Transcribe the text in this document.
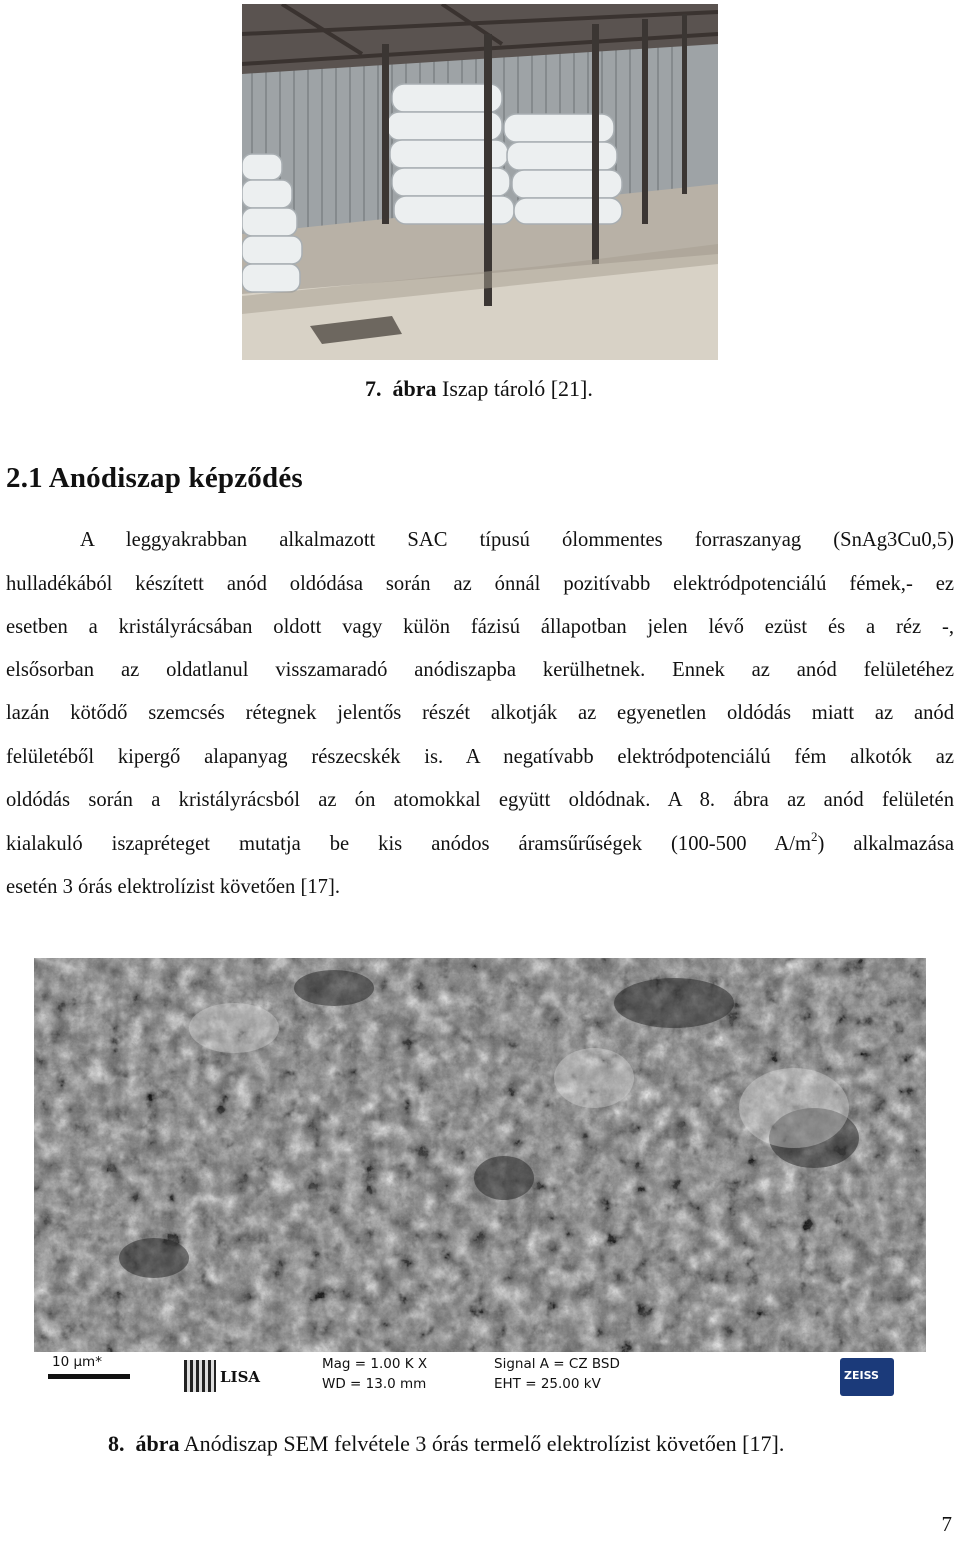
7. ábra Iszap tároló [21].
2.1 Anódiszap képződés
A leggyakrabban alkalmazott SAC típusú ólommentes forraszanyag (SnAg3Cu0,5)
hulladékából készített anód oldódása során az ónnál pozitívabb elektródpotenciálú fémek,- ez
esetben a kristályrácsában oldott vagy külön fázisú állapotban jelen lévő ezüst és a réz -,
elsősorban az oldatlanul visszamaradó anódiszapba kerülhetnek. Ennek az anód felületéhez
lazán kötődő szemcsés rétegnek jelentős részét alkotják az egyenetlen oldódás miatt az anód
felületéből kipergő alapanyag részecskék is. A negatívabb elektródpotenciálú fém alkotók az
oldódás során a kristályrácsból az ón atomokkal együtt oldódnak. A 8. ábra az anód felületén
kialakuló iszapréteget mutatja be kis anódos áramsűrűségek (100-500 $A/m^2$) alkalmazása
esetén 3 órás elektrolízist követően [17].
10 µm*
LISA
Mag = 1.00 K X
WD = 13.0 mm
Signal A = CZ BSD
EHT = 25.00 kV
ZEISS
8. ábra Anódiszap SEM felvétele 3 órás termelő elektrolízist követően [17].
7
